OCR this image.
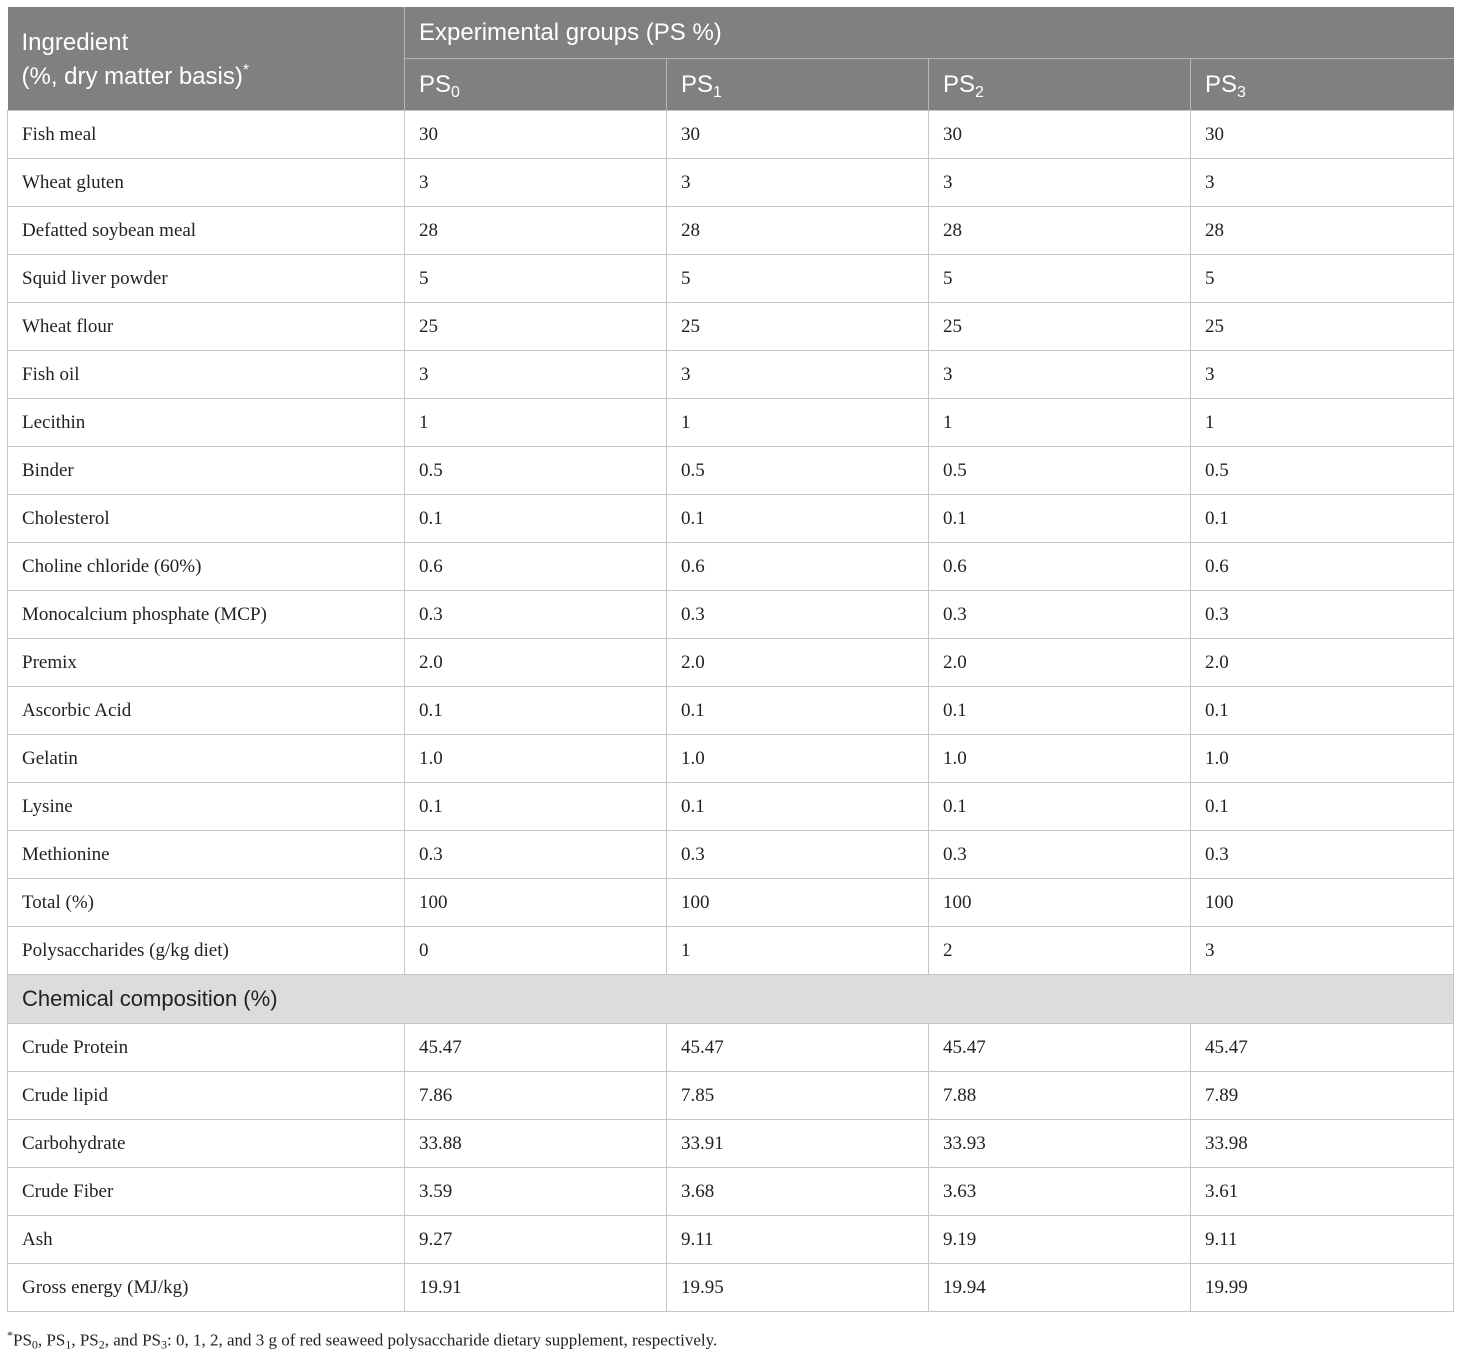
Ingredient
(%, dry matter basis)*	Experimental groups (PS %)			
	$PS_0$	$PS_1$	$PS_2$	$PS_3$
Fish meal	30	30	30	30
Wheat gluten	3	3	3	3
Defatted soybean meal	28	28	28	28
Squid liver powder	5	5	5	5
Wheat flour	25	25	25	25
Fish oil	3	3	3	3
Lecithin	1	1	1	1
Binder	0.5	0.5	0.5	0.5
Cholesterol	0.1	0.1	0.1	0.1
Choline chloride (60%)	0.6	0.6	0.6	0.6
Monocalcium phosphate (MCP)	0.3	0.3	0.3	0.3
Premix	2.0	2.0	2.0	2.0
Ascorbic Acid	0.1	0.1	0.1	0.1
Gelatin	1.0	1.0	1.0	1.0
Lysine	0.1	0.1	0.1	0.1
Methionine	0.3	0.3	0.3	0.3
Total (%)	100	100	100	100
Polysaccharides (g/kg diet)	0	1	2	3
Chemical composition (%)				
Crude Protein	45.47	45.47	45.47	45.47
Crude lipid	7.86	7.85	7.88	7.89
Carbohydrate	33.88	33.91	33.93	33.98
Crude Fiber	3.59	3.68	3.63	3.61
Ash	9.27	9.11	9.19	9.11
Gross energy (MJ/kg)	19.91	19.95	19.94	19.99
$^*PS_0$, $PS_1$, $PS_2$, and $PS_3$: 0, 1, 2, and 3 g of red seaweed polysaccharide dietary supplement, respectively.
